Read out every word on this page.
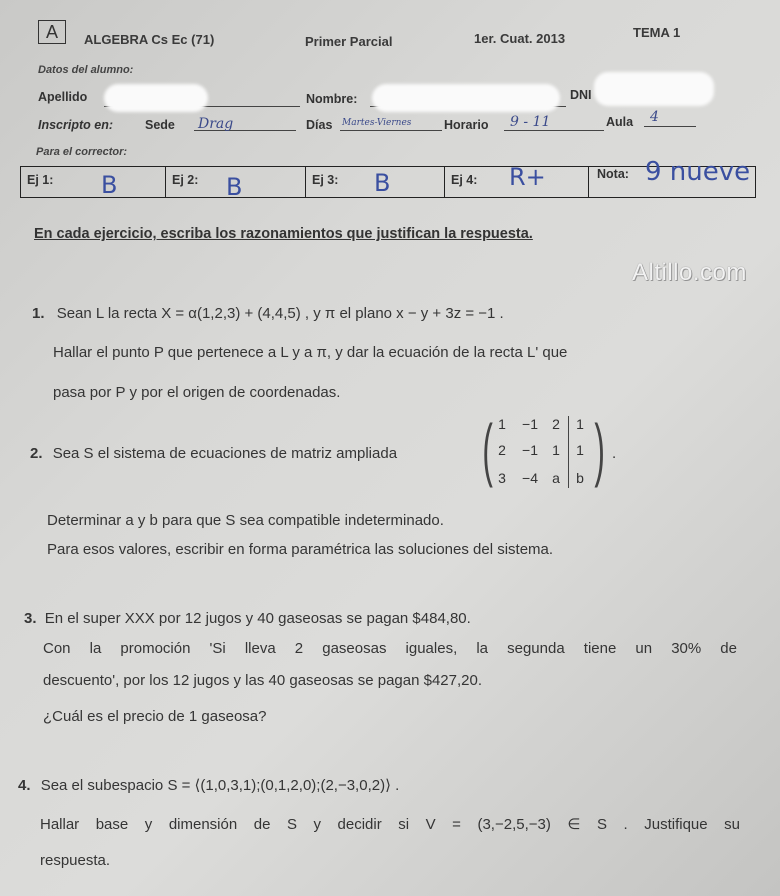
A	ALGEBRA Cs Ec (71)	Primer Parcial	1er. Cuat. 2013	TEMA 1
Datos del alumno:
Apellido	Nombre:	DNI
Inscripto en:	Sede Drag	Días Martes-Viernes	Horario 9 - 11	Aula 4
Para el corrector:
Ej 1: B	Ej 2: B	Ej 3: B	Ej 4: R+	Nota: 9 nueve
En cada ejercicio, escriba los razonamientos que justifican la respuesta.
Altillo.com
1. Sean L la recta X = α(1,2,3) + (4,4,5) , y π el plano x − y + 3z = −1 .
Hallar el punto P que pertenece a L y a π, y dar la ecuación de la recta L' que
pasa por P y por el origen de coordenadas.
2. Sea S el sistema de ecuaciones de matriz ampliada ( )
1	−1	2	1
2	−1	1	1
3	−4	a	b
.
Determinar a y b para que S sea compatible indeterminado.
Para esos valores, escribir en forma paramétrica las soluciones del sistema.
3. En el super XXX por 12 jugos y 40 gaseosas se pagan $484,80.
Con la promoción 'Si lleva 2 gaseosas iguales, la segunda tiene un 30% de
descuento', por los 12 jugos y las 40 gaseosas se pagan $427,20.
¿Cuál es el precio de 1 gaseosa?
4. Sea el subespacio S = ⟨(1,0,3,1);(0,1,2,0);(2,−3,0,2)⟩ .
Hallar base y dimensión de S y decidir si V = (3,−2,5,−3) ∈ S . Justifique su
respuesta.
